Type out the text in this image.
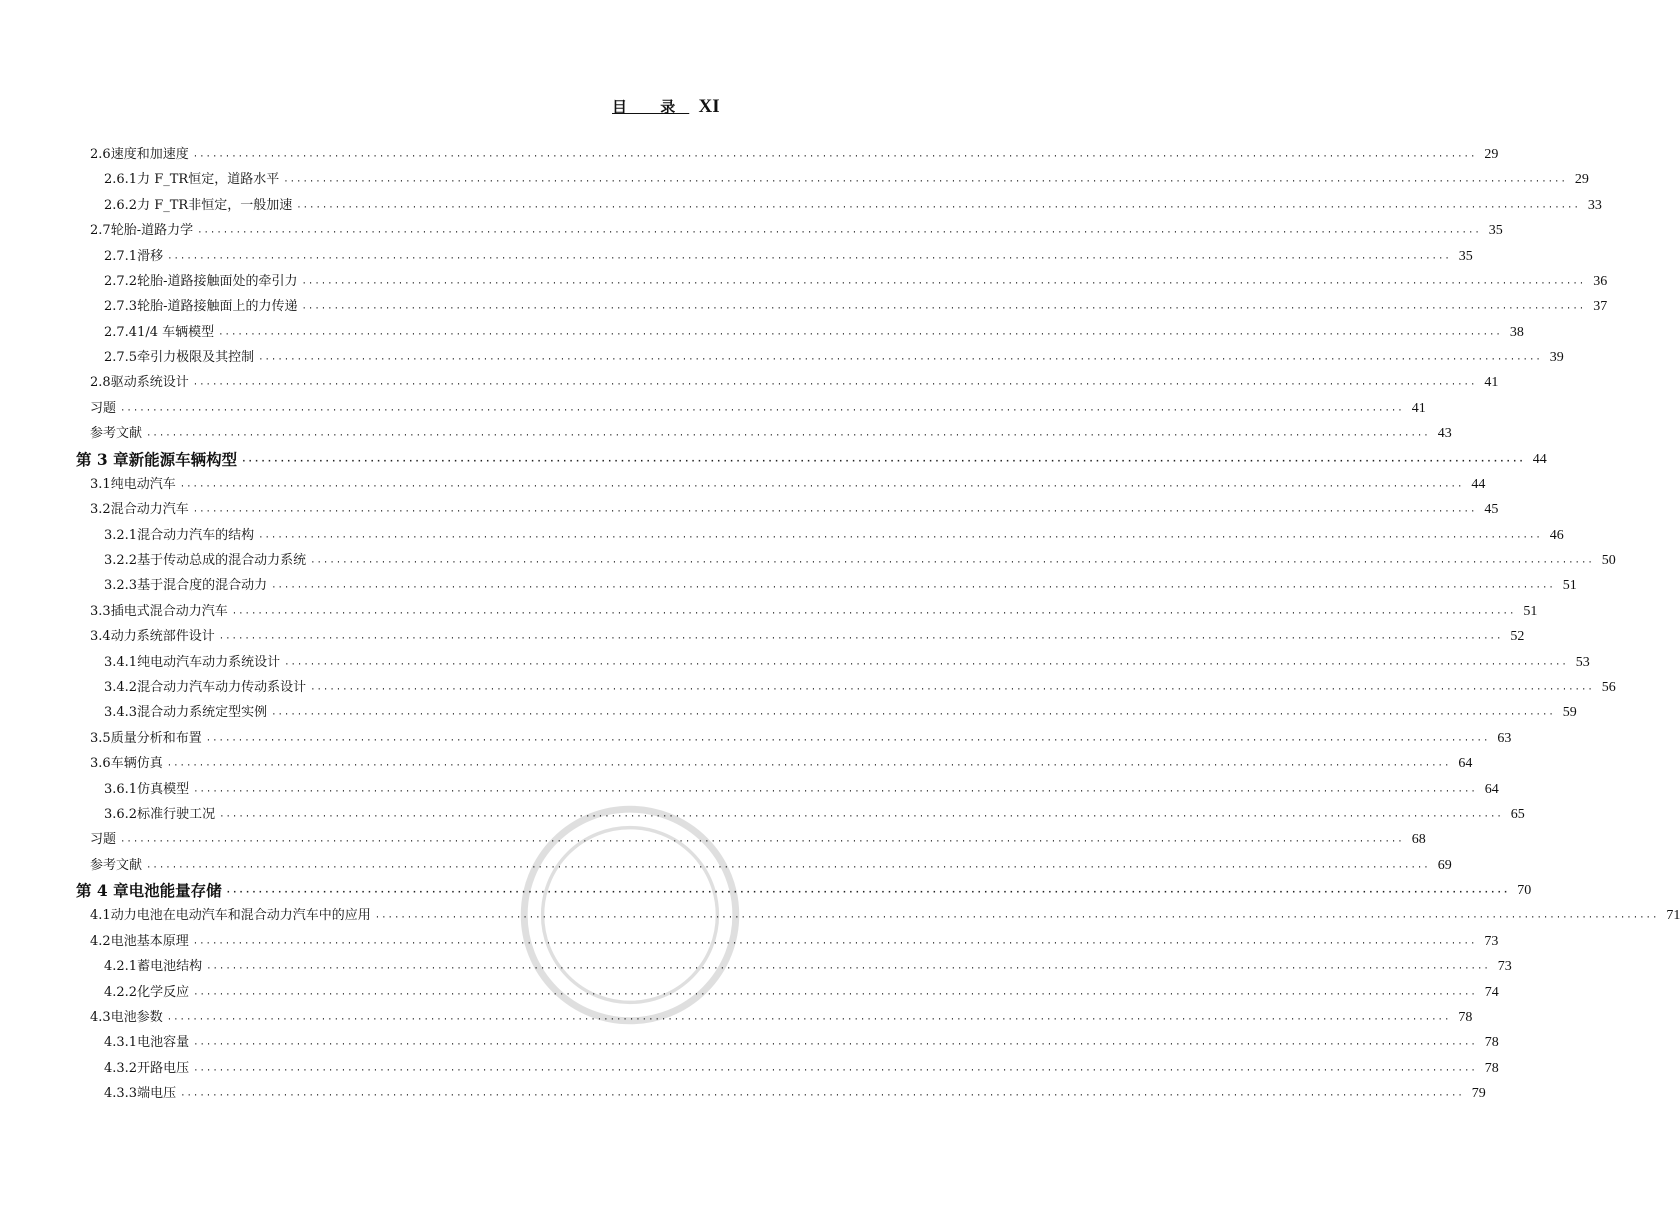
目 录 XI
2.6 速度和加速度 ········································································································································································································ 29
2.6.1 力 F_TR恒定，道路水平 ········································································································································································································ 29
2.6.2 力 F_TR非恒定，一般加速 ········································································································································································································ 33
2.7 轮胎-道路力学 ········································································································································································································ 35
2.7.1 滑移 ········································································································································································································ 35
2.7.2 轮胎-道路接触面处的牵引力 ········································································································································································································ 36
2.7.3 轮胎-道路接触面上的力传递 ········································································································································································································ 37
2.7.4 1/4 车辆模型 ········································································································································································································ 38
2.7.5 牵引力极限及其控制 ········································································································································································································ 39
2.8 驱动系统设计 ········································································································································································································ 41
习题 ········································································································································································································ 41
参考文献 ········································································································································································································ 43
第 3 章 新能源车辆构型 ········································································································································································································ 44
3.1 纯电动汽车 ········································································································································································································ 44
3.2 混合动力汽车 ········································································································································································································ 45
3.2.1 混合动力汽车的结构 ········································································································································································································ 46
3.2.2 基于传动总成的混合动力系统 ········································································································································································································ 50
3.2.3 基于混合度的混合动力 ········································································································································································································ 51
3.3 插电式混合动力汽车 ········································································································································································································ 51
3.4 动力系统部件设计 ········································································································································································································ 52
3.4.1 纯电动汽车动力系统设计 ········································································································································································································ 53
3.4.2 混合动力汽车动力传动系设计 ········································································································································································································ 56
3.4.3 混合动力系统定型实例 ········································································································································································································ 59
3.5 质量分析和布置 ········································································································································································································ 63
3.6 车辆仿真 ········································································································································································································ 64
3.6.1 仿真模型 ········································································································································································································ 64
3.6.2 标准行驶工况 ········································································································································································································ 65
习题 ········································································································································································································ 68
参考文献 ········································································································································································································ 69
第 4 章 电池能量存储 ········································································································································································································ 70
4.1 动力电池在电动汽车和混合动力汽车中的应用 ········································································································································································································ 71
4.2 电池基本原理 ········································································································································································································ 73
4.2.1 蓄电池结构 ········································································································································································································ 73
4.2.2 化学反应 ········································································································································································································ 74
4.3 电池参数 ········································································································································································································ 78
4.3.1 电池容量 ········································································································································································································ 78
4.3.2 开路电压 ········································································································································································································ 78
4.3.3 端电压 ········································································································································································································ 79
